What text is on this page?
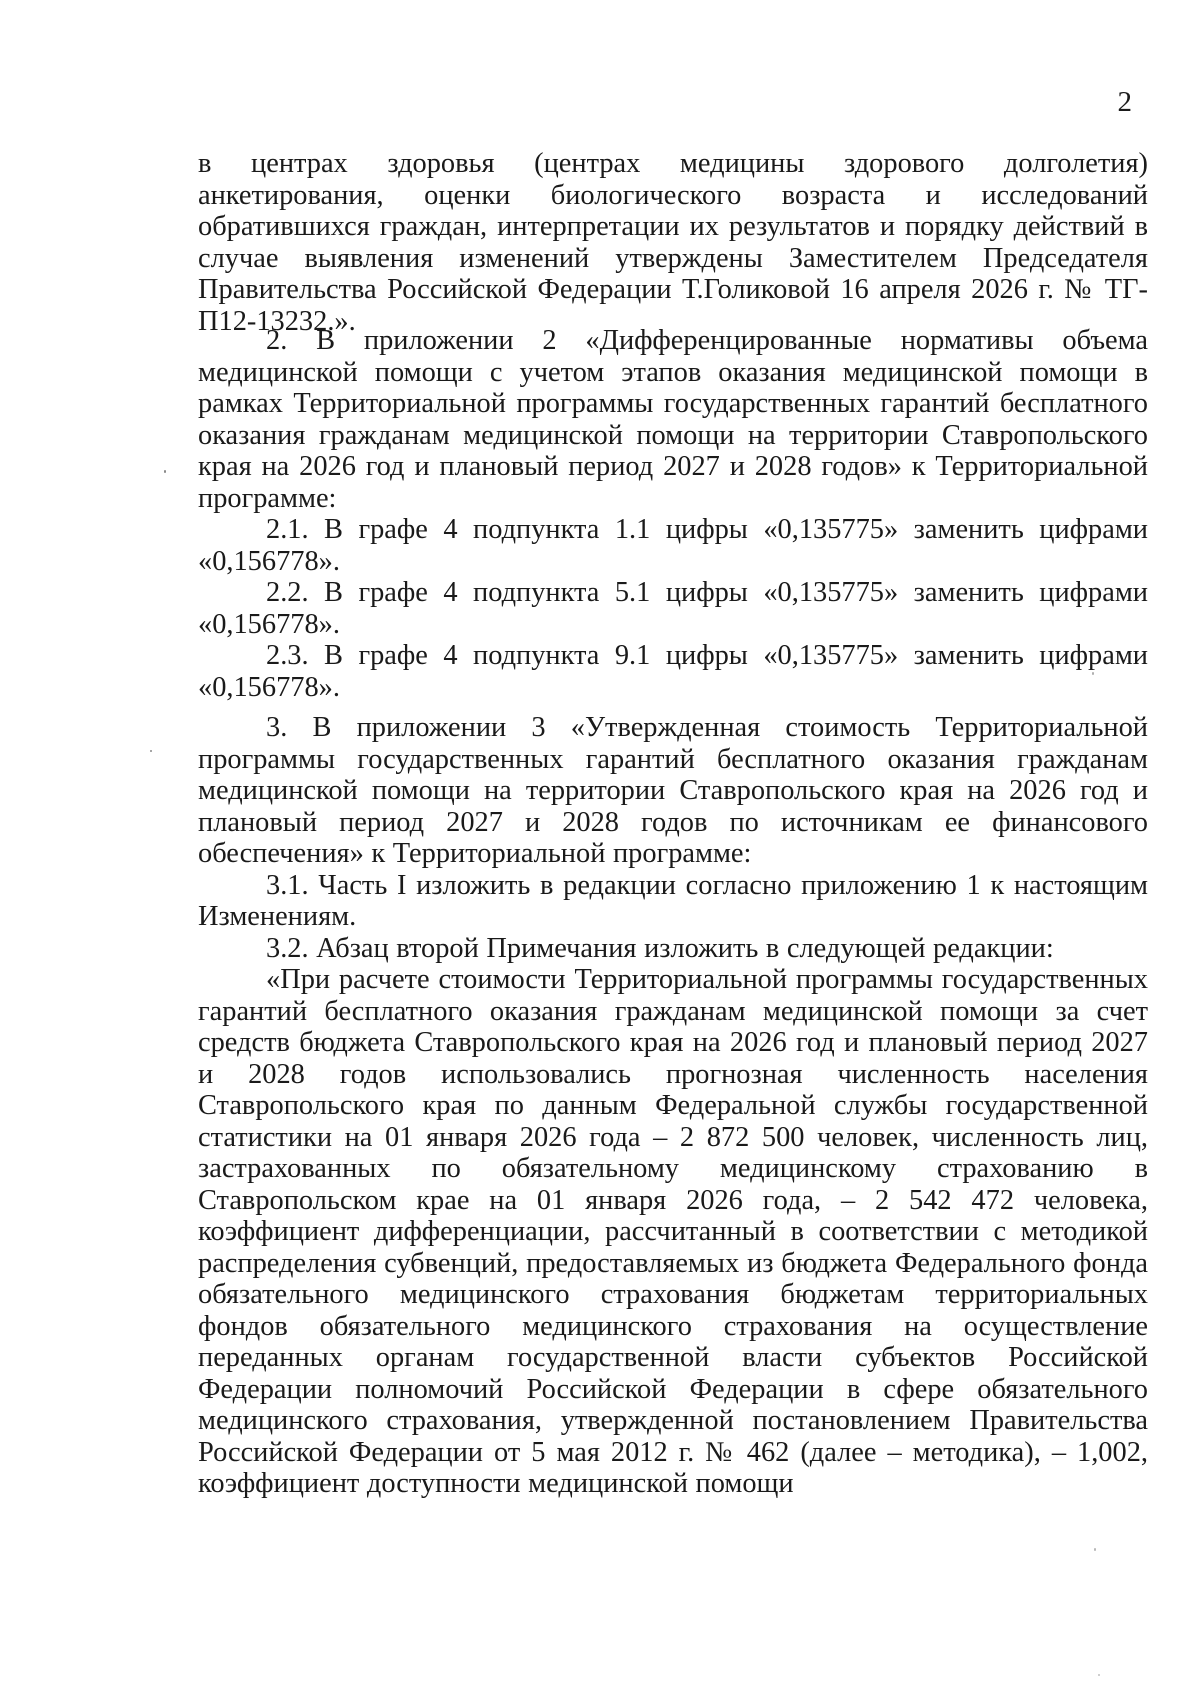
2

в центрах здоровья (центрах медицины здорового долголетия) анкетирования, оценки биологического возраста и исследований обратившихся граждан, интерпретации их результатов и порядку действий в случае выявления изменений утверждены Заместителем Председателя Правительства Российской Федерации Т.Голиковой 16 апреля 2026 г. № ТГ-П12-13232.».

2. В приложении 2 «Дифференцированные нормативы объема медицинской помощи с учетом этапов оказания медицинской помощи в рамках Территориальной программы государственных гарантий бесплатного оказания гражданам медицинской помощи на территории Ставропольского края на 2026 год и плановый период 2027 и 2028 годов» к Территориальной программе:

2.1. В графе 4 подпункта 1.1 цифры «0,135775» заменить цифрами «0,156778».

2.2. В графе 4 подпункта 5.1 цифры «0,135775» заменить цифрами «0,156778».

2.3. В графе 4 подпункта 9.1 цифры «0,135775» заменить цифрами «0,156778».

3. В приложении 3 «Утвержденная стоимость Территориальной программы государственных гарантий бесплатного оказания гражданам медицинской помощи на территории Ставропольского края на 2026 год и плановый период 2027 и 2028 годов по источникам ее финансового обеспечения» к Территориальной программе:

3.1. Часть I изложить в редакции согласно приложению 1 к настоящим Изменениям.

3.2. Абзац второй Примечания изложить в следующей редакции:

«При расчете стоимости Территориальной программы государственных гарантий бесплатного оказания гражданам медицинской помощи за счет средств бюджета Ставропольского края на 2026 год и плановый период 2027 и 2028 годов использовались прогнозная численность населения Ставропольского края по данным Федеральной службы государственной статистики на 01 января 2026 года – 2 872 500 человек, численность лиц, застрахованных по обязательному медицинскому страхованию в Ставропольском крае на 01 января 2026 года, – 2 542 472 человека, коэффициент дифференциации, рассчитанный в соответствии с методикой распределения субвенций, предоставляемых из бюджета Федерального фонда обязательного медицинского страхования бюджетам территориальных фондов обязательного медицинского страхования на осуществление переданных органам государственной власти субъектов Российской Федерации полномочий Российской Федерации в сфере обязательного медицинского страхования, утвержденной постановлением Правительства Российской Федерации от 5 мая 2012 г. № 462 (далее – методика), – 1,002, коэффициент доступности медицинской помощи
